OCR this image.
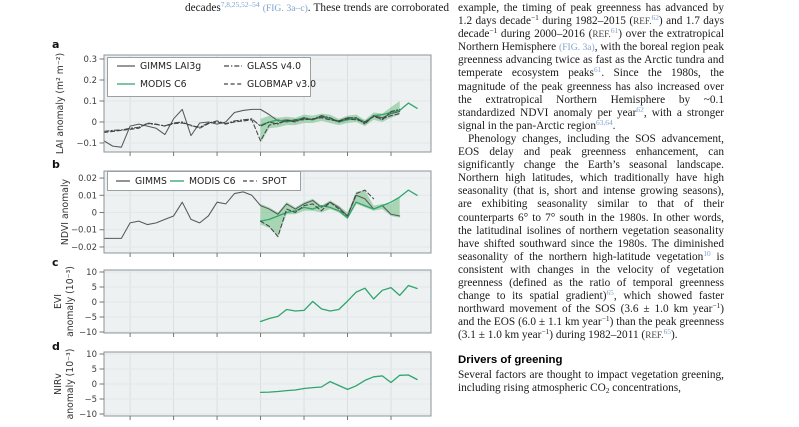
decades$^{7,8,25,52-54}$ (FIG. 3a–c). These trends are corroborated
0.3
0.2
0.1
0
−0.1
a
LAI anomaly (m² m⁻²)	GIMMS LAI3g
MODIS C6
GLASS v4.0
GLOBMAP v3.0
0.02
0.01
0
−0.01
−0.02
b
NDVI anomaly	GIMMS MODIS C6	SPOT
10
5
0
−5
−10
c
EVI anomaly (10⁻³)
10
5
0
−5
−10
d
NIRv anomaly (10⁻³)

example, the timing of peak greenness has advanced by 1.2 days decade$^{-1}$ during 1982–2015 (REF.$^{62}$) and 1.7 days decade$^{-1}$ during 2000–2016 (REF.$^{61}$) over the extratropical Northern Hemisphere (FIG. 3a), with the boreal region peak greenness advancing twice as fast as the Arctic tundra and temperate ecosystem peaks$^{61}$. Since the 1980s, the magnitude of the peak greenness has also increased over the extratropical Northern Hemisphere by ~0.1 standardized NDVI anomaly per year$^{62}$, with a stronger signal in the pan-Arctic region$^{63,64}$.

Phenology changes, including the SOS advancement, EOS delay and peak greenness enhancement, can significantly change the Earth’s seasonal landscape. Northern high latitudes, which traditionally have high seasonality (that is, short and intense growing seasons), are exhibiting seasonality similar to that of their counterparts 6° to 7° south in the 1980s. In other words, the latitudinal isolines of northern vegetation seasonality have shifted southward since the 1980s. The diminished seasonality of the northern high-latitude vegetation$^{10}$ is consistent with changes in the velocity of vegetation greenness (defined as the ratio of temporal greenness change to its spatial gradient)$^{65}$, which showed faster northward movement of the SOS (3.6 ± 1.0 km year$^{-1}$) and the EOS (6.0 ± 1.1 km year$^{-1}$) than the peak greenness (3.1 ± 1.0 km year$^{-1}$) during 1982–2011 (REF.$^{65}$).

Drivers of greening

Several factors are thought to impact vegetation greening, including rising atmospheric $CO_2$ concentrations,
